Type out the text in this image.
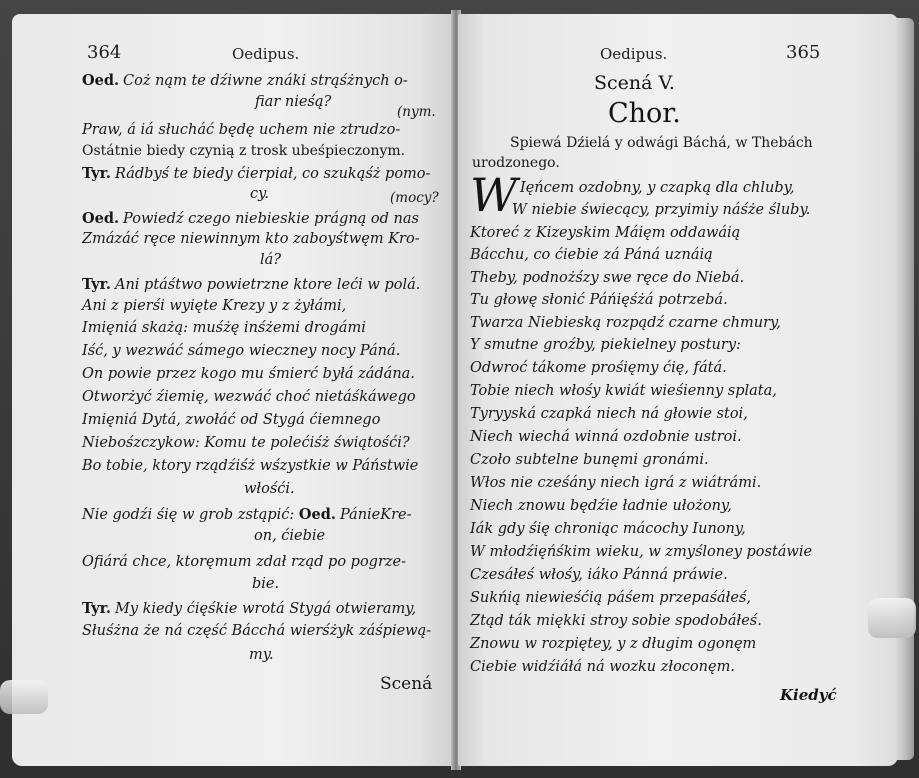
364	Oedipus.
Oed. Coż nąm te dźiwne znáki strąśżnych o-
fiar nieśą?
(nym.
Praw, á iá słucháć będę uchem nie ztrudzo-
Ostátnie biedy czynią z trosk ubeśpieczonym.
Tyr. Rádbyś te biedy ćierpiał, co szukąśż pomo-
cy.	(mocy?
Oed. Powiedź czego niebieskie prágną od nas
Zmázáć ręce niewinnym kto zaboyśtwęm Kro-
lá?
Tyr. Ani ptáśtwo powietrzne ktore leći w polá.
Ani z pierśi wyięte Krezy y z żyłámi,
Imięniá skażą: muśżę inśżemi drogámi
Iść, y wezwáć sámego wieczney nocy Páná.
On powie przez kogo mu śmierć byłá zádána.
Otworżyć źiemię, wezwáć choć nietáśkáwego
Imięniá Dytá, zwołáć od Stygá ćiemnego
Niebośzczykow: Komu te polećiśż świątośći?
Bo tobie, ktory rządźiśż wśzystkie w Páństwie
włośći.
Nie godźi śię w grob zstąpić: Oed. PánieKre-
on, ćiebie
Ofiárá chce, ktoręmum zdał rząd po pogrze-
bie.
Tyr. My kiedy ćięśkie wrotá Stygá otwieramy,
Słuśżna że ná część Bácchá wierśżyk záśpiewą-
my.
Scená
Oedipus.	365
Scená V.
Chor.
Spiewá Dźielá y odwági Báchá, w Thebách
urodzonego.
W Ięńcem ozdobny, y czapką dla chluby,
W niebie świecący, przyimiy náśże śluby.
Ktoreć z Kizeyskim Máięm oddawáią
Bácchu, co ćiebie zá Páná uznáią
Theby, podnożśzy swe ręce do Niebá.
Tu głowę słonić Páńięśżá potrzebá.
Twarza Niebieską rozpądź czarne chmury,
Y smutne groźby, piekielney postury:
Odwroć tákome prośięmy ćię, fátá.
Tobie niech włośy kwiát wieśienny splata,
Tyryyská czapká niech ná głowie stoi,
Niech wiechá winná ozdobnie ustroi.
Czoło subtelne bunęmi gronámi.
Włos nie cześány niech igrá z wiátrámi.
Niech znowu będźie ładnie ułożony,
Iák gdy śię chroniąc mácochy Iunony,
W młodźięńśkim wieku, w zmyśloney postáwie
Czesáłeś włośy, iáko Pánná práwie.
Sukńią niewieśćią páśem przepaśáłeś,
Ztąd ták miękki stroy sobie spodobáłeś.
Znowu w rozpiętey, y z długim ogonęm
Ciebie widźiáłá ná wozku złoconęm.
Kiedyć
